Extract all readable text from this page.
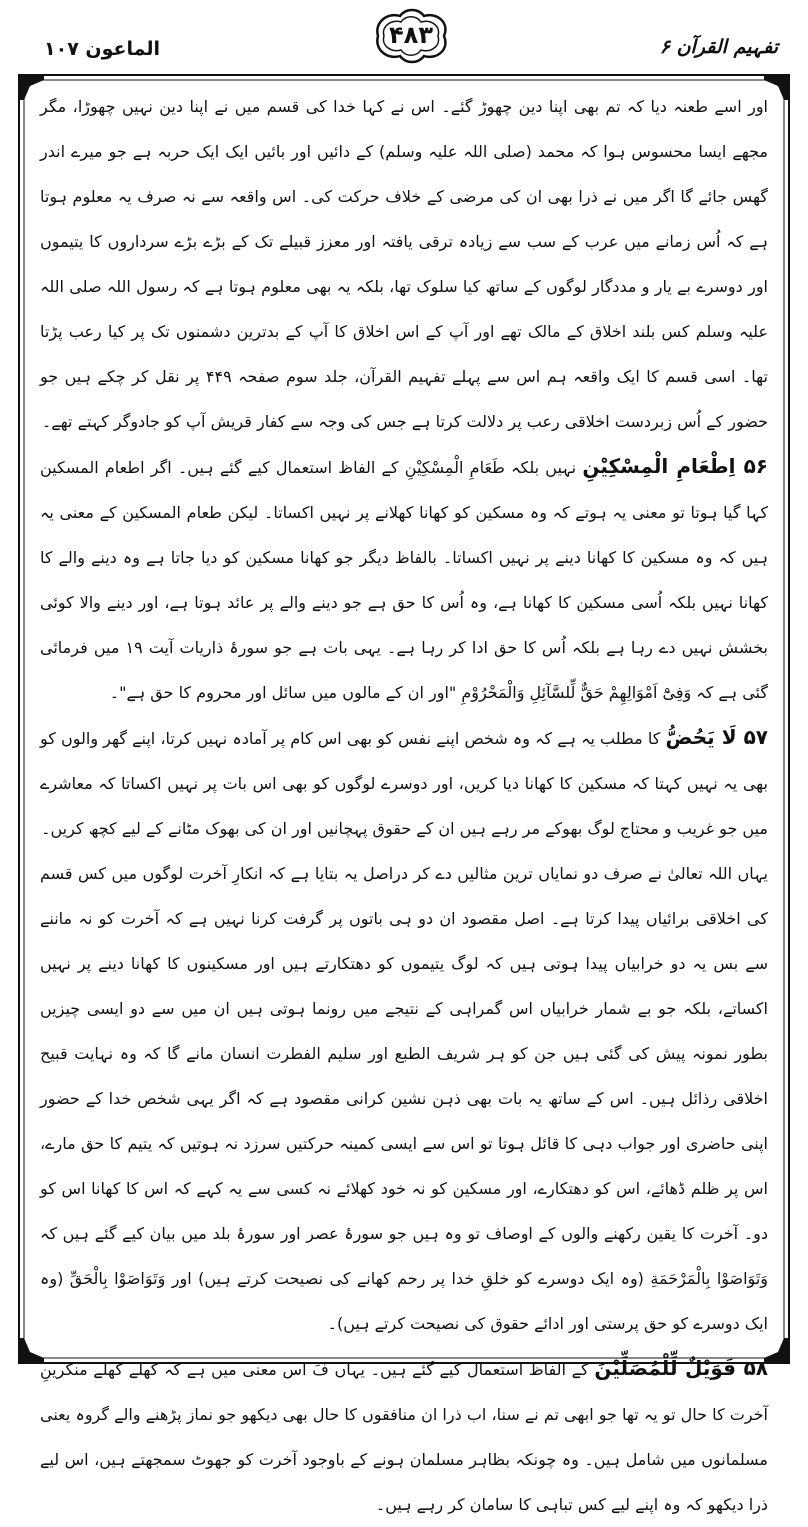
الماعون ۱۰۷	۴۸۳	تفہیم القرآن ۶

اور اسے طعنہ دیا کہ تم بھی اپنا دین چھوڑ گئے۔ اس نے کہا خدا کی قسم میں نے اپنا دین نہیں چھوڑا، مگر مجھے ایسا محسوس ہوا کہ محمد (صلی اللہ علیہ وسلم) کے دائیں اور بائیں ایک ایک حربہ ہے جو میرے اندر گھس جائے گا اگر میں نے ذرا بھی ان کی مرضی کے خلاف حرکت کی۔ اس واقعہ سے نہ صرف یہ معلوم ہوتا ہے کہ اُس زمانے میں عرب کے سب سے زیادہ ترقی یافتہ اور معزز قبیلے تک کے بڑے بڑے سرداروں کا یتیموں اور دوسرے بے یار و مددگار لوگوں کے ساتھ کیا سلوک تھا، بلکہ یہ بھی معلوم ہوتا ہے کہ رسول اللہ صلی اللہ علیہ وسلم کس بلند اخلاق کے مالک تھے اور آپ کے اس اخلاق کا آپ کے بدترین دشمنوں تک پر کیا رعب پڑتا تھا۔ اسی قسم کا ایک واقعہ ہم اس سے پہلے تفہیم القرآن، جلد سوم صفحہ ۴۴۹ پر نقل کر چکے ہیں جو حضور کے اُس زبردست اخلاقی رعب پر دلالت کرتا ہے جس کی وجہ سے کفار قریش آپ کو جادوگر کہتے تھے۔

۵۶ اِطْعَامِ الْمِسْكِيْنِ نہیں بلکہ طَعَامِ الْمِسْكِيْنِ کے الفاظ استعمال کیے گئے ہیں۔ اگر اطعام المسکین کہا گیا ہوتا تو معنی یہ ہوتے کہ وہ مسکین کو کھانا کھلانے پر نہیں اکساتا۔ لیکن طعام المسکین کے معنی یہ ہیں کہ وہ مسکین کا کھانا دینے پر نہیں اکساتا۔ بالفاظ دیگر جو کھانا مسکین کو دیا جاتا ہے وہ دینے والے کا کھانا نہیں بلکہ اُسی مسکین کا کھانا ہے، وہ اُس کا حق ہے جو دینے والے پر عائد ہوتا ہے، اور دینے والا کوئی بخشش نہیں دے رہا ہے بلکہ اُس کا حق ادا کر رہا ہے۔ یہی بات ہے جو سورۂ ذاریات آیت ۱۹ میں فرمائی گئی ہے کہ وَفِیْٓ اَمْوَالِهِمْ حَقٌّ لِّلسَّآئِلِ وَالْمَحْرُوْمِ "اور ان کے مالوں میں سائل اور محروم کا حق ہے"۔

۵۷ لَا يَحُضُّ کا مطلب یہ ہے کہ وہ شخص اپنے نفس کو بھی اس کام پر آمادہ نہیں کرتا، اپنے گھر والوں کو بھی یہ نہیں کہتا کہ مسکین کا کھانا دیا کریں، اور دوسرے لوگوں کو بھی اس بات پر نہیں اکساتا کہ معاشرے میں جو غریب و محتاج لوگ بھوکے مر رہے ہیں ان کے حقوق پہچانیں اور ان کی بھوک مٹانے کے لیے کچھ کریں۔

یہاں اللہ تعالیٰ نے صرف دو نمایاں ترین مثالیں دے کر دراصل یہ بتایا ہے کہ انکارِ آخرت لوگوں میں کس قسم کی اخلاقی برائیاں پیدا کرتا ہے۔ اصل مقصود ان دو ہی باتوں پر گرفت کرنا نہیں ہے کہ آخرت کو نہ ماننے سے بس یہ دو خرابیاں پیدا ہوتی ہیں کہ لوگ یتیموں کو دھتکارتے ہیں اور مسکینوں کا کھانا دینے پر نہیں اکساتے، بلکہ جو بے شمار خرابیاں اس گمراہی کے نتیجے میں رونما ہوتی ہیں ان میں سے دو ایسی چیزیں بطور نمونہ پیش کی گئی ہیں جن کو ہر شریف الطبع اور سلیم الفطرت انسان مانے گا کہ وہ نہایت قبیح اخلاقی رذائل ہیں۔ اس کے ساتھ یہ بات بھی ذہن نشین کرانی مقصود ہے کہ اگر یہی شخص خدا کے حضور اپنی حاضری اور جواب دہی کا قائل ہوتا تو اس سے ایسی کمینہ حرکتیں سرزد نہ ہوتیں کہ یتیم کا حق مارے، اس پر ظلم ڈھائے، اس کو دھتکارے، اور مسکین کو نہ خود کھلائے نہ کسی سے یہ کہے کہ اس کا کھانا اس کو دو۔ آخرت کا یقین رکھنے والوں کے اوصاف تو وہ ہیں جو سورۂ عصر اور سورۂ بلد میں بیان کیے گئے ہیں کہ وَتَوَاصَوْا بِالْمَرْحَمَةِ (وہ ایک دوسرے کو خلقِ خدا پر رحم کھانے کی نصیحت کرتے ہیں) اور وَتَوَاصَوْا بِالْحَقِّ (وہ ایک دوسرے کو حق پرستی اور ادائے حقوق کی نصیحت کرتے ہیں)۔

۵۸ فَوَيْلٌ لِّلْمُصَلِّيْنَ کے الفاظ استعمال کیے گئے ہیں۔ یہاں فَ اس معنی میں ہے کہ کھلے کھلے منکرینِ آخرت کا حال تو یہ تھا جو ابھی تم نے سنا، اب ذرا ان منافقوں کا حال بھی دیکھو جو نماز پڑھنے والے گروہ یعنی مسلمانوں میں شامل ہیں۔ وہ چونکہ بظاہر مسلمان ہونے کے باوجود آخرت کو جھوٹ سمجھتے ہیں، اس لیے ذرا دیکھو کہ وہ اپنے لیے کس تباہی کا سامان کر رہے ہیں۔
